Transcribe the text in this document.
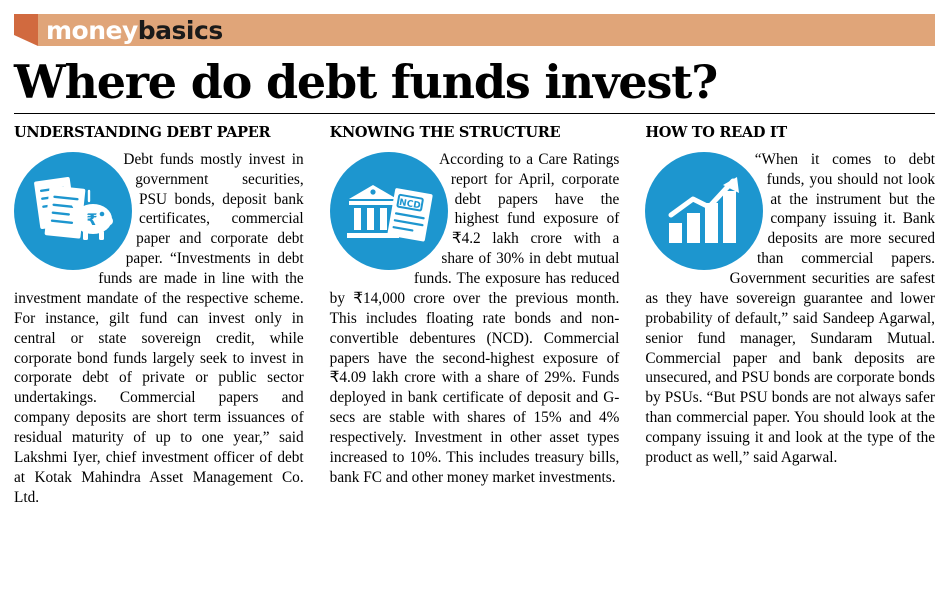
moneybasics
Where do debt funds invest?
UNDERSTANDING DEBT PAPER
₹
Debt funds mostly invest in government securities, PSU bonds, deposit bank certificates, commercial paper and corporate debt paper. “Investments in debt funds are made in line with the investment mandate of the respective scheme. For instance, gilt fund can invest only in central or state sovereign credit, while corporate bond funds largely seek to invest in corporate debt of private or public sector undertakings. Commercial papers and company deposits are short term issuances of residual maturity of up to one year,” said Lakshmi Iyer, chief investment officer of debt at Kotak Mahindra Asset Management Co. Ltd.
KNOWING THE STRUCTURE
NCD
According to a Care Ratings report for April, corporate debt papers have the highest fund exposure of ₹4.2 lakh crore with a share of 30% in debt mutual funds. The exposure has reduced by ₹14,000 crore over the previous month. This includes floating rate bonds and non-convertible debentures (NCD). Commercial papers have the second-highest exposure of ₹4.09 lakh crore with a share of 29%. Funds deployed in bank certificate of deposit and G-secs are stable with shares of 15% and 4% respectively. Investment in other asset types increased to 10%. This includes treasury bills, bank FC and other money market investments.
HOW TO READ IT
“When it comes to debt funds, you should not look at the instrument but the company issuing it. Bank deposits are more secured than commercial papers. Government securities are safest as they have sovereign guarantee and lower probability of default,” said Sandeep Agarwal, senior fund manager, Sundaram Mutual. Commercial paper and bank deposits are unsecured, and PSU bonds are corporate bonds by PSUs. “But PSU bonds are not always safer than commercial paper. You should look at the company issuing it and look at the type of the product as well,” said Agarwal.
